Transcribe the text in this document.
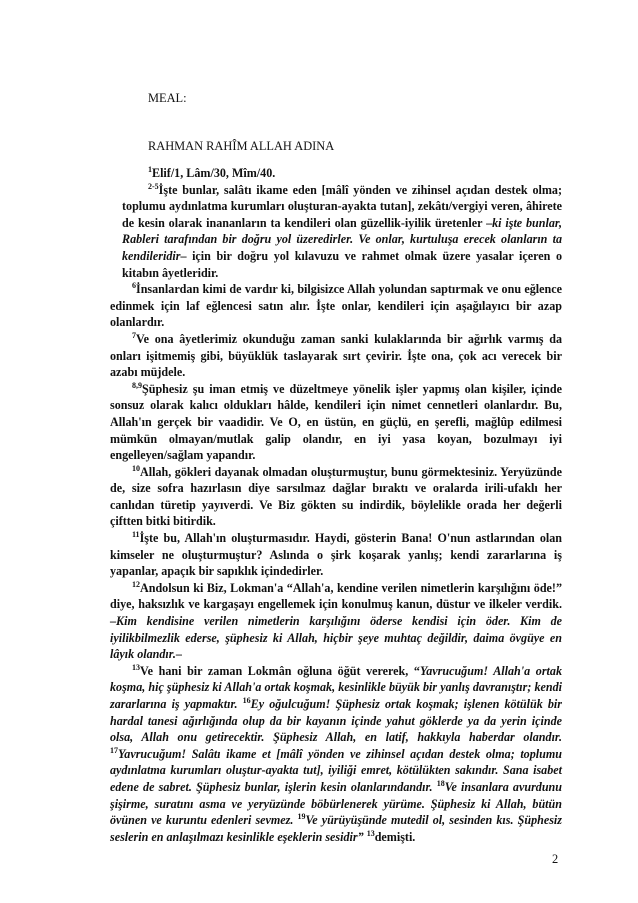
MEAL:
RAHMAN RAHÎM ALLAH ADINA

$^1$Elif/1, Lâm/30, Mîm/40.

$^{2-5}$İşte bunlar, salâtı ikame eden [mâlî yönden ve zihinsel açıdan destek olma; toplumu aydınlatma kurumları oluşturan-ayakta tutan], zekâtı/vergiyi veren, âhirete de kesin olarak inananların ta kendileri olan güzellik-iyilik üretenler –ki işte bunlar, Rableri tarafından bir doğru yol üzeredirler. Ve onlar, kurtuluşa erecek olanların ta kendileridir– için bir doğru yol kılavuzu ve rahmet olmak üzere yasalar içeren o kitabın âyetleridir.

$^6$İnsanlardan kimi de vardır ki, bilgisizce Allah yolundan saptırmak ve onu eğlence edinmek için laf eğlencesi satın alır. İşte onlar, kendileri için aşağılayıcı bir azap olanlardır.

$^7$Ve ona âyetlerimiz okunduğu zaman sanki kulaklarında bir ağırlık varmış da onları işitmemiş gibi, büyüklük taslayarak sırt çevirir. İşte ona, çok acı verecek bir azabı müjdele.

$^{8,9}$Şüphesiz şu iman etmiş ve düzeltmeye yönelik işler yapmış olan kişiler, içinde sonsuz olarak kalıcı oldukları hâlde, kendileri için nimet cennetleri olanlardır. Bu, Allah'ın gerçek bir vaadidir. Ve O, en üstün, en güçlü, en şerefli, mağlûp edilmesi mümkün olmayan/mutlak galip olandır, en iyi yasa koyan, bozulmayı iyi engelleyen/sağlam yapandır.

$^{10}$Allah, gökleri dayanak olmadan oluşturmuştur, bunu görmektesiniz. Yeryüzünde de, size sofra hazırlasın diye sarsılmaz dağlar bıraktı ve oralarda irili-ufaklı her canlıdan türetip yayıverdi. Ve Biz gökten su indirdik, böylelikle orada her değerli çiftten bitki bitirdik.

$^{11}$İşte bu, Allah'ın oluşturmasıdır. Haydi, gösterin Bana! O'nun astlarından olan kimseler ne oluşturmuştur? Aslında o şirk koşarak yanlış; kendi zararlarına iş yapanlar, apaçık bir sapıklık içindedirler.

$^{12}$Andolsun ki Biz, Lokman'a “Allah'a, kendine verilen nimetlerin karşılığını öde!” diye, haksızlık ve kargaşayı engellemek için konulmuş kanun, düstur ve ilkeler verdik. –Kim kendisine verilen nimetlerin karşılığını öderse kendisi için öder. Kim de iyilikbilmezlik ederse, şüphesiz ki Allah, hiçbir şeye muhtaç değildir, daima övgüye en lâyık olandır.–

$^{13}$Ve hani bir zaman Lokmân oğluna öğüt vererek, “Yavrucuğum! Allah'a ortak koşma, hiç şüphesiz ki Allah'a ortak koşmak, kesinlikle büyük bir yanlış davranıştır; kendi zararlarına iş yapmaktır. $^{16}$Ey oğulcuğum! Şüphesiz ortak koşmak; işlenen kötülük bir hardal tanesi ağırlığında olup da bir kayanın içinde yahut göklerde ya da yerin içinde olsa, Allah onu getirecektir. Şüphesiz Allah, en latif, hakkıyla haberdar olandır. $^{17}$Yavrucuğum! Salâtı ikame et [mâlî yönden ve zihinsel açıdan destek olma; toplumu aydınlatma kurumları oluştur-ayakta tut], iyiliği emret, kötülükten sakındır. Sana isabet edene de sabret. Şüphesiz bunlar, işlerin kesin olanlarındandır. $^{18}$Ve insanlara avurdunu şişirme, suratını asma ve yeryüzünde böbürlenerek yürüme. Şüphesiz ki Allah, bütün övünen ve kuruntu edenleri sevmez. $^{19}$Ve yürüyüşünde mutedil ol, sesinden kıs. Şüphesiz seslerin en anlaşılmazı kesinlikle eşeklerin sesidir” $^{13}$demişti.

2
